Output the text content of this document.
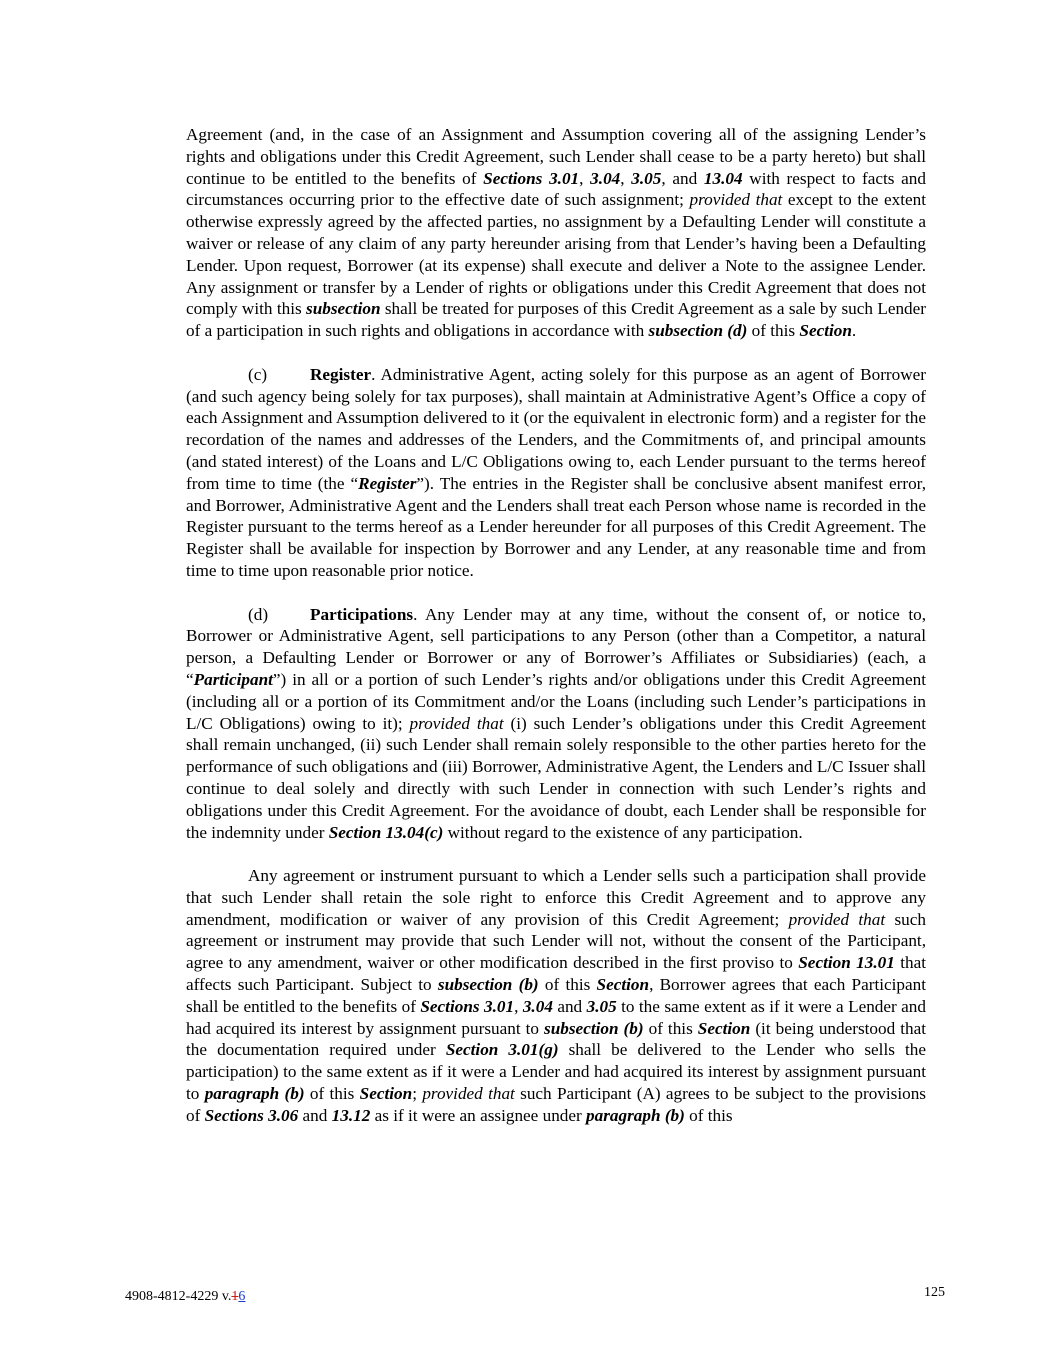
Agreement (and, in the case of an Assignment and Assumption covering all of the assigning Lender’s rights and obligations under this Credit Agreement, such Lender shall cease to be a party hereto) but shall continue to be entitled to the benefits of Sections 3.01, 3.04, 3.05, and 13.04 with respect to facts and circumstances occurring prior to the effective date of such assignment; provided that except to the extent otherwise expressly agreed by the affected parties, no assignment by a Defaulting Lender will constitute a waiver or release of any claim of any party hereunder arising from that Lender’s having been a Defaulting Lender. Upon request, Borrower (at its expense) shall execute and deliver a Note to the assignee Lender. Any assignment or transfer by a Lender of rights or obligations under this Credit Agreement that does not comply with this subsection shall be treated for purposes of this Credit Agreement as a sale by such Lender of a participation in such rights and obligations in accordance with subsection (d) of this Section.

(c) Register. Administrative Agent, acting solely for this purpose as an agent of Borrower (and such agency being solely for tax purposes), shall maintain at Administrative Agent’s Office a copy of each Assignment and Assumption delivered to it (or the equivalent in electronic form) and a register for the recordation of the names and addresses of the Lenders, and the Commitments of, and principal amounts (and stated interest) of the Loans and L/C Obligations owing to, each Lender pursuant to the terms hereof from time to time (the “Register”). The entries in the Register shall be conclusive absent manifest error, and Borrower, Administrative Agent and the Lenders shall treat each Person whose name is recorded in the Register pursuant to the terms hereof as a Lender hereunder for all purposes of this Credit Agreement. The Register shall be available for inspection by Borrower and any Lender, at any reasonable time and from time to time upon reasonable prior notice.

(d) Participations. Any Lender may at any time, without the consent of, or notice to, Borrower or Administrative Agent, sell participations to any Person (other than a Competitor, a natural person, a Defaulting Lender or Borrower or any of Borrower’s Affiliates or Subsidiaries) (each, a “Participant”) in all or a portion of such Lender’s rights and/or obligations under this Credit Agreement (including all or a portion of its Commitment and/or the Loans (including such Lender’s participations in L/C Obligations) owing to it); provided that (i) such Lender’s obligations under this Credit Agreement shall remain unchanged, (ii) such Lender shall remain solely responsible to the other parties hereto for the performance of such obligations and (iii) Borrower, Administrative Agent, the Lenders and L/C Issuer shall continue to deal solely and directly with such Lender in connection with such Lender’s rights and obligations under this Credit Agreement. For the avoidance of doubt, each Lender shall be responsible for the indemnity under Section 13.04(c) without regard to the existence of any participation.

Any agreement or instrument pursuant to which a Lender sells such a participation shall provide that such Lender shall retain the sole right to enforce this Credit Agreement and to approve any amendment, modification or waiver of any provision of this Credit Agreement; provided that such agreement or instrument may provide that such Lender will not, without the consent of the Participant, agree to any amendment, waiver or other modification described in the first proviso to Section 13.01 that affects such Participant. Subject to subsection (b) of this Section, Borrower agrees that each Participant shall be entitled to the benefits of Sections 3.01, 3.04 and 3.05 to the same extent as if it were a Lender and had acquired its interest by assignment pursuant to subsection (b) of this Section (it being understood that the documentation required under Section 3.01(g) shall be delivered to the Lender who sells the participation) to the same extent as if it were a Lender and had acquired its interest by assignment pursuant to paragraph (b) of this Section; provided that such Participant (A) agrees to be subject to the provisions of Sections 3.06 and 13.12 as if it were an assignee under paragraph (b) of this

4908-4812-4229 v.16	125
